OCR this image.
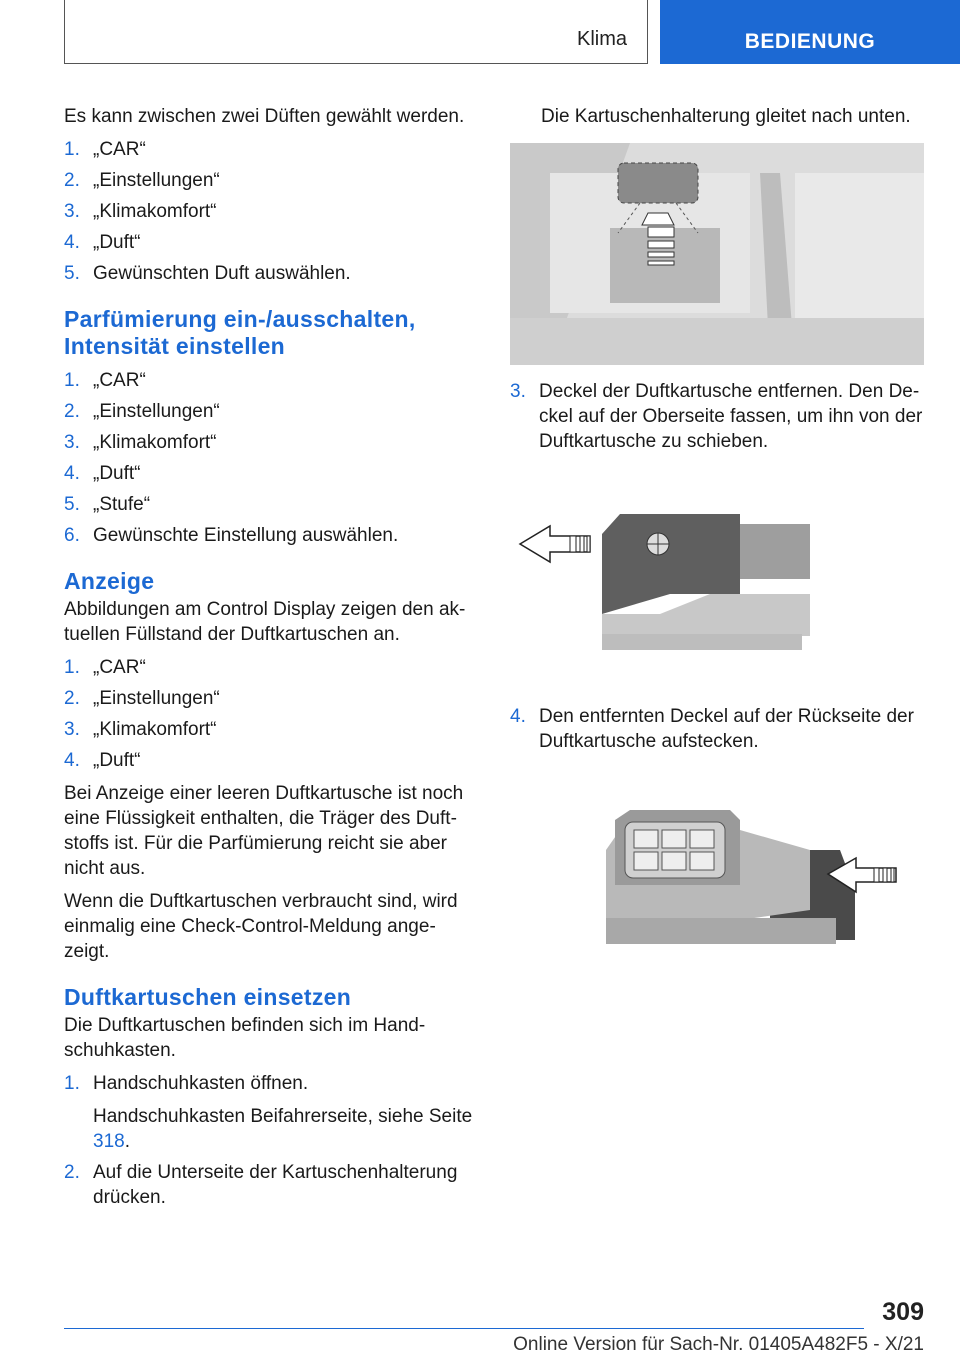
Klima	BEDIENUNG

Es kann zwischen zwei Düften gewählt werden.

1. „CAR“
2. „Einstellungen“
3. „Klimakomfort“
4. „Duft“
5. Gewünschten Duft auswählen.
Parfümierung ein-/ausschalten, Intensität einstellen
1. „CAR“
2. „Einstellungen“
3. „Klimakomfort“
4. „Duft“
5. „Stufe“
6. Gewünschte Einstellung auswählen.
Anzeige

Abbildungen am Control Display zeigen den aktuellen Füllstand der Duftkartuschen an.

1. „CAR“
2. „Einstellungen“
3. „Klimakomfort“
4. „Duft“

Bei Anzeige einer leeren Duftkartusche ist noch eine Flüssigkeit enthalten, die Träger des Duftstoffs ist. Für die Parfümierung reicht sie aber nicht aus.

Wenn die Duftkartuschen verbraucht sind, wird einmalig eine Check-Control-Meldung angezeigt.

Duftkartuschen einsetzen

Die Duftkartuschen befinden sich im Handschuhkasten.

1. Handschuhkasten öffnen.
Handschuhkasten Beifahrerseite, siehe Seite 318.
2. Auf die Unterseite der Kartuschenhalterung drücken.

Die Kartuschenhalterung gleitet nach unten.

3. Deckel der Duftkartusche entfernen. Den Deckel auf der Oberseite fassen, um ihn von der Duftkartusche zu schieben.
4. Den entfernten Deckel auf der Rückseite der Duftkartusche aufstecken.
309
Online Version für Sach-Nr. 01405A482F5 - X/21
